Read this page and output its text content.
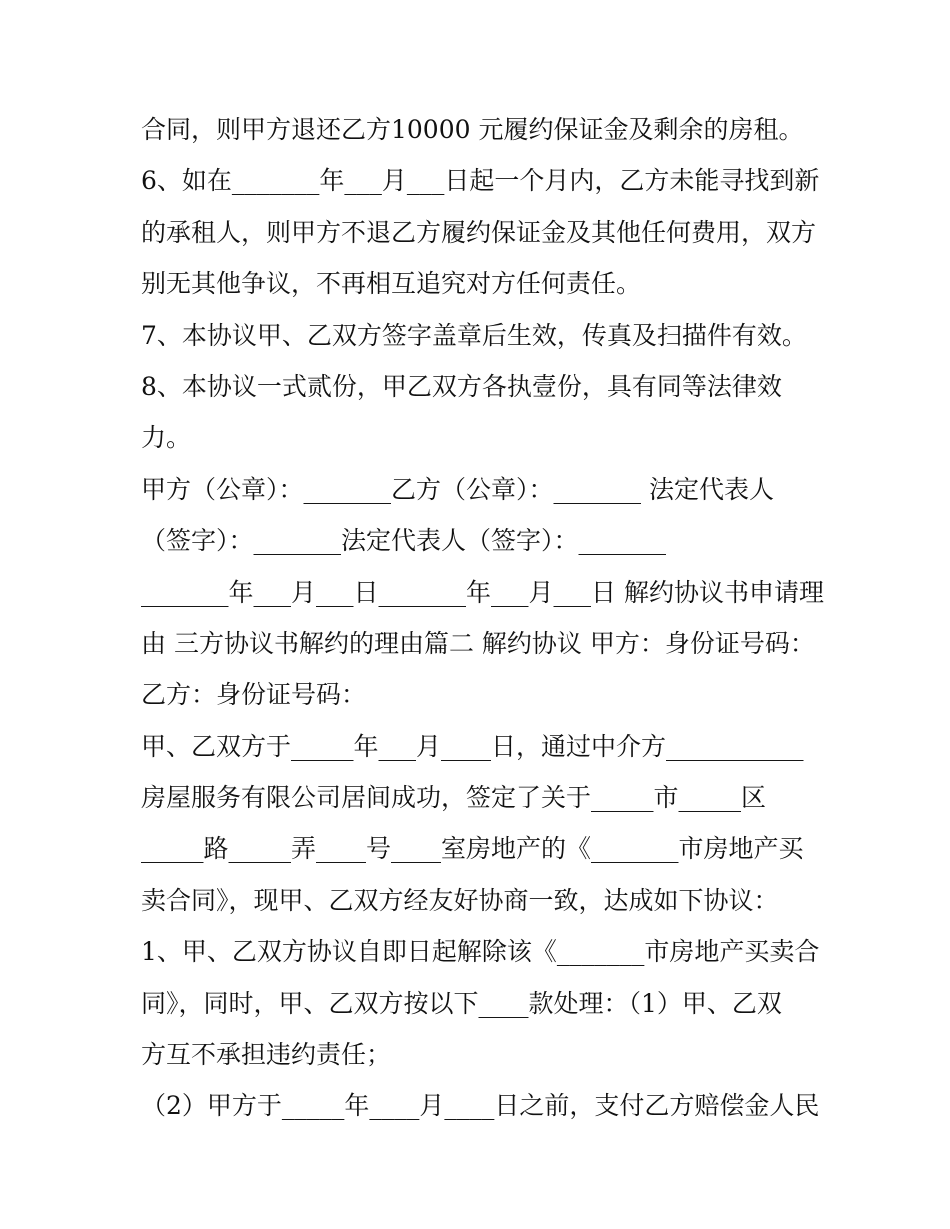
合同，则甲方退还乙方10000 元履约保证金及剩余的房租。
6、如在_______年___月___日起一个月内，乙方未能寻找到新
的承租人，则甲方不退乙方履约保证金及其他任何费用，双方
别无其他争议，不再相互追究对方任何责任。
7、本协议甲、乙双方签字盖章后生效，传真及扫描件有效。
8、本协议一式贰份，甲乙双方各执壹份，具有同等法律效
力。
甲方（公章）：_______乙方（公章）：_______ 法定代表人
（签字）：_______法定代表人（签字）：_______
_______年___月___日_______年___月___日 解约协议书申请理
由 三方协议书解约的理由篇二 解约协议 甲方：身份证号码：
乙方：身份证号码：
甲、乙双方于_____年___月____日，通过中介方___________
房屋服务有限公司居间成功，签定了关于_____市_____区
_____路_____弄____号____室房地产的《_______市房地产买
卖合同》，现甲、乙双方经友好协商一致，达成如下协议：
1、甲、乙双方协议自即日起解除该《_______市房地产买卖合
同》，同时，甲、乙双方按以下____款处理：（1）甲、乙双
方互不承担违约责任；
（2）甲方于_____年____月____日之前，支付乙方赔偿金人民
